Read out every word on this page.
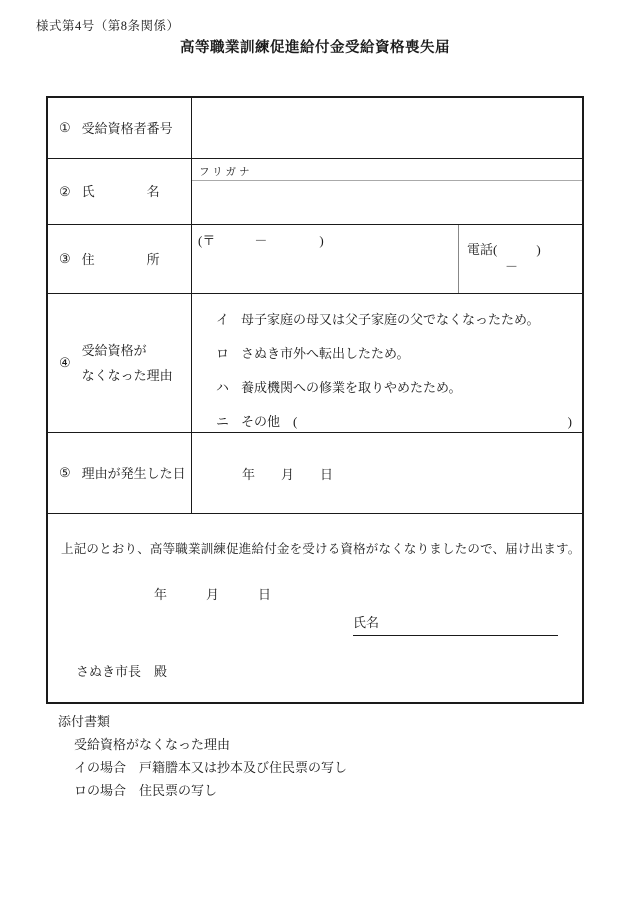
様式第4号（第8条関係）
高等職業訓練促進給付金受給資格喪失届
① 受給資格者番号
② 氏　　　　名
フリガナ
③ 住　　　　所
(〒　　　－　　　　)
電話(　　　)
－
④
受給資格が
なくなった理由
イ 母子家庭の母又は父子家庭の父でなくなったため。
ロ さぬき市外へ転出したため。
ハ 養成機関への修業を取りやめたため。
ニ その他　(	)
⑤ 理由が発生した日	年　　月　　日
上記のとおり、高等職業訓練促進給付金を受ける資格がなくなりましたので、届け出ます。
年　　　月　　　日
氏名
さぬき市長　殿
添付書類
受給資格がなくなった理由
イの場合　戸籍謄本又は抄本及び住民票の写し
ロの場合　住民票の写し
